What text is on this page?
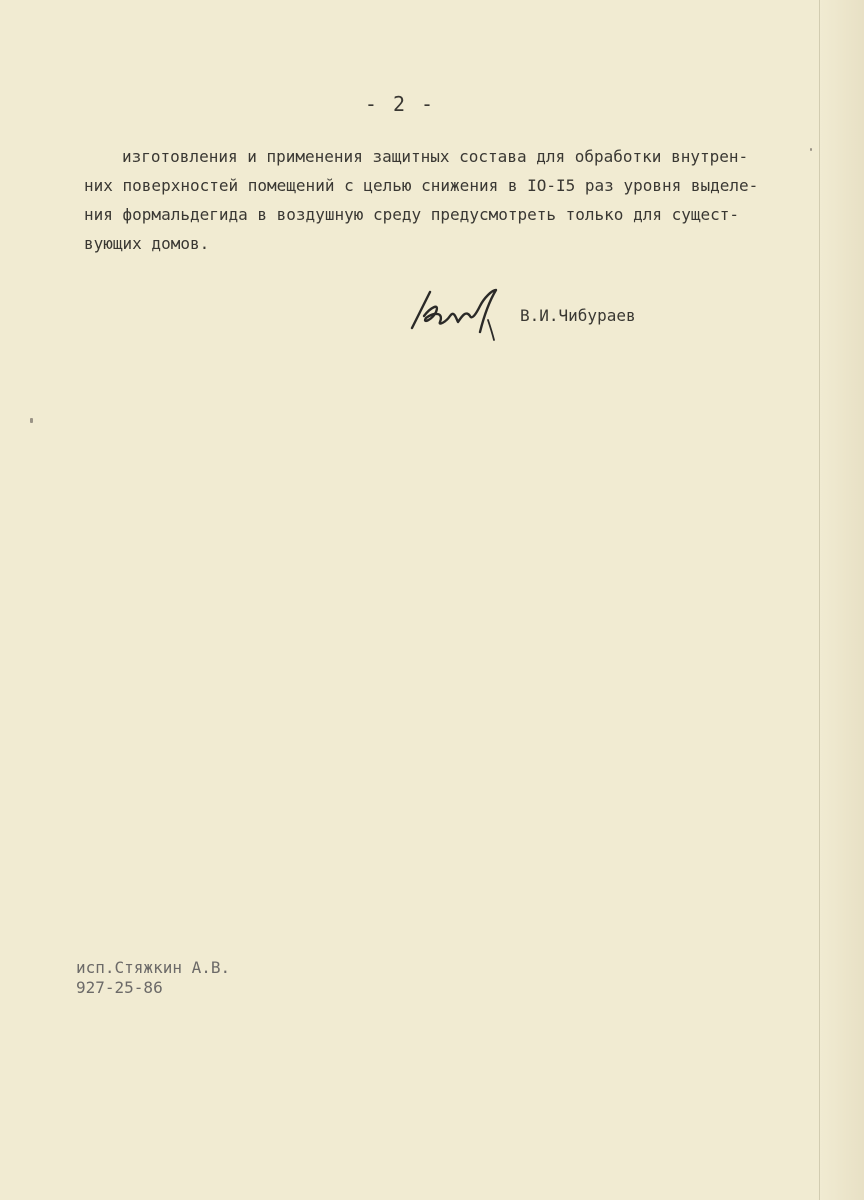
- 2 -
изготовления и применения защитных состава для обработки внутрен-
них поверхностей помещений с целью снижения в IO-I5 раз уровня выделе-
ния формальдегида в воздушную среду предусмотреть только для сущест-
вующих домов.
В.И.Чибураев
исп.Стяжкин А.В.
927-25-86
